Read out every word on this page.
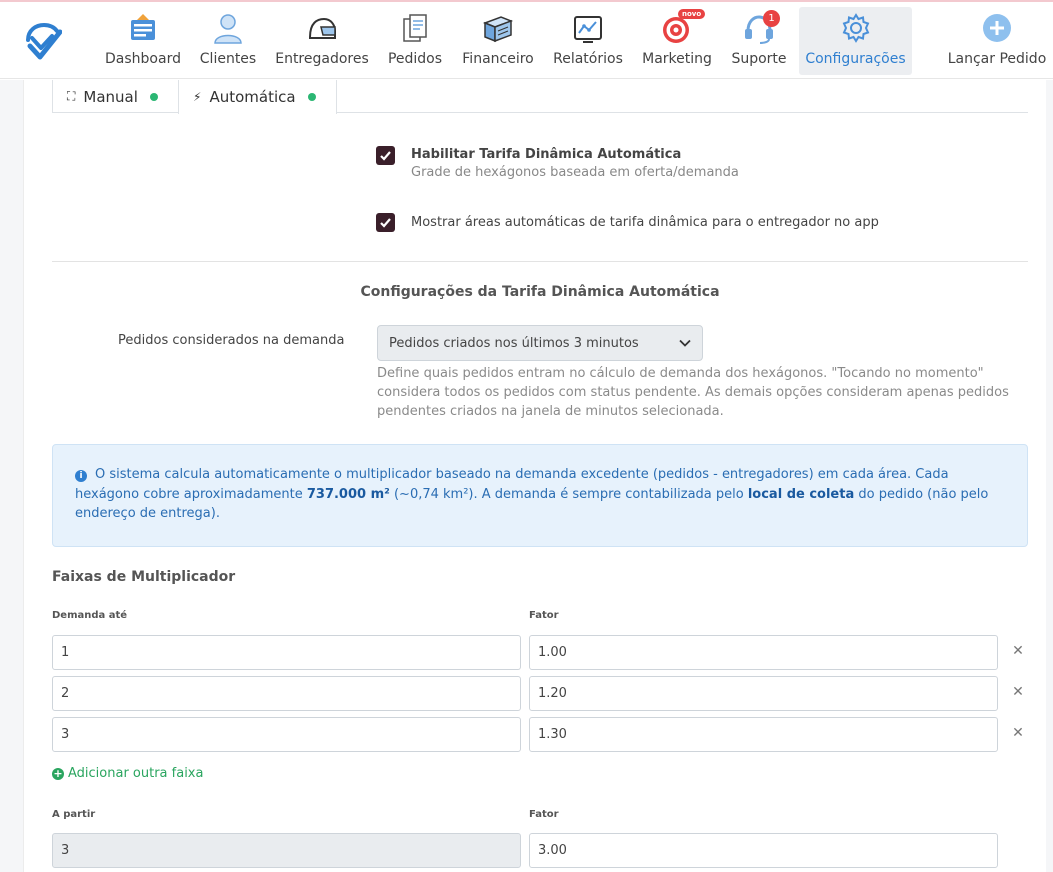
Dashboard Clientes Entregadores Pedidos Financeiro Relatórios
novo
Marketing
1
Suporte Configurações	Lançar Pedido
⛶ Manual	⚡ Automática
Habilitar Tarifa Dinâmica Automática
Grade de hexágonos baseada em oferta/demanda
Mostrar áreas automáticas de tarifa dinâmica para o entregador no app
Configurações da Tarifa Dinâmica Automática
Pedidos considerados na demanda	Pedidos criados nos últimos 3 minutos
Define quais pedidos entram no cálculo de demanda dos hexágonos. "Tocando no momento" considera todos os pedidos com status pendente. As demais opções consideram apenas pedidos pendentes criados na janela de minutos selecionada.
i O sistema calcula automaticamente o multiplicador baseado na demanda excedente (pedidos - entregadores) em cada área. Cada hexágono cobre aproximadamente 737.000 m² (~0,74 km²). A demanda é sempre contabilizada pelo local de coleta do pedido (não pelo endereço de entrega).
Faixas de Multiplicador
Demanda até	Fator
1	1.00	✕
2	1.20	✕
3	1.30	✕
+ Adicionar outra faixa
A partir	Fator
3	3.00
